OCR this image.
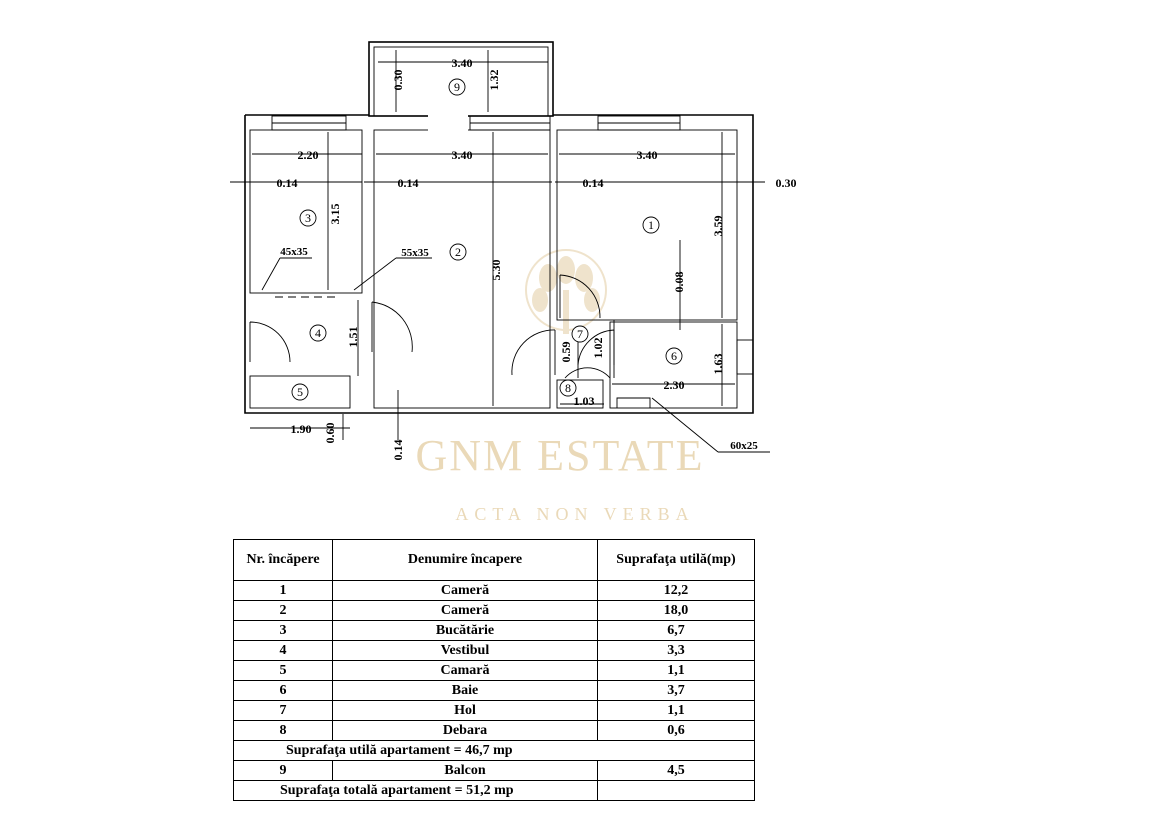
GNM ESTATE
ACTA NON VERBA
3.40
0.30	1.32
2.20	3.40	3.40
0.14	0.14	0.14	0.30
3.15
5.30
3.59
0.08
1.02
0.59
1.63
2.30
1.03
1.51
1.90 0.60
0.14
45x35	55x35
60x25
1
2
3
4
5
6
7
8
9
Nr. încăpere	Denumire încapere	Suprafaţa utilă(mp)
1	Cameră	12,2
2	Cameră	18,0
3	Bucătărie	6,7
4	Vestibul	3,3
5	Camară	1,1
6	Baie	3,7
7	Hol	1,1
8	Debara	0,6
Suprafaţa utilă apartament = 46,7 mp		
9	Balcon	4,5
Suprafaţa totală apartament = 51,2 mp		
